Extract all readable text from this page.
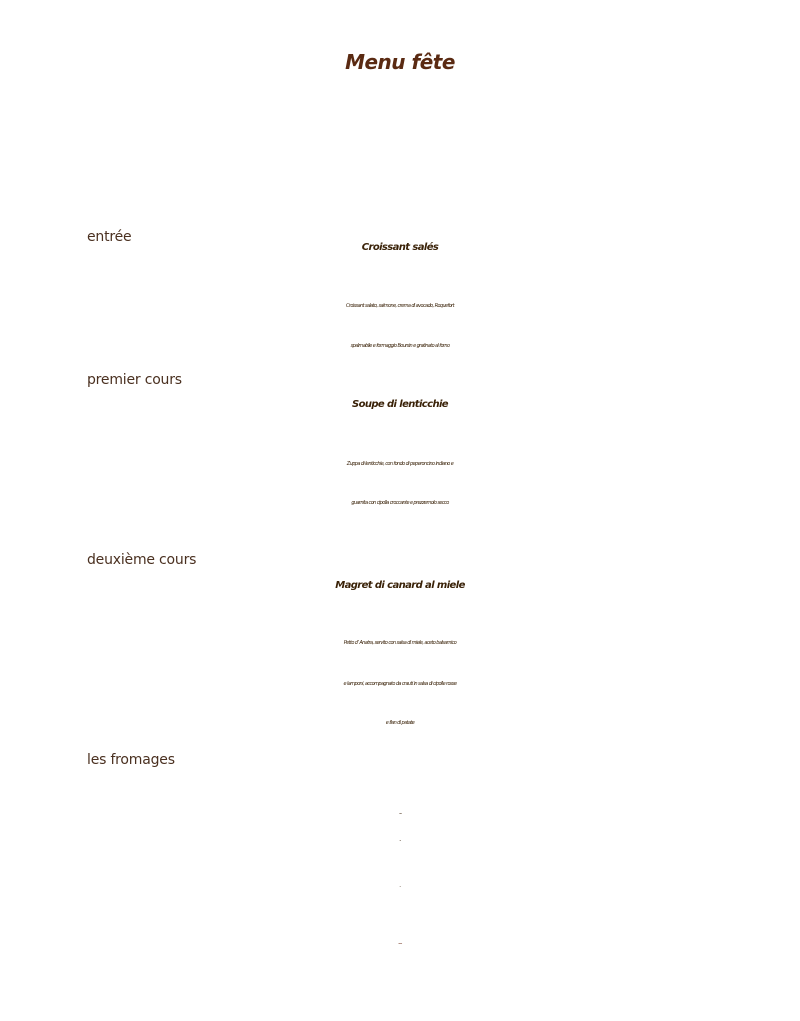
Menu fête
entrée
Croissant salés
Croissant salato, salmone, crema di avocado, Roquefort
spalmabile e formaggio Boursin e gratinato al forno
premier cours
Soupe di lenticchie
Zuppa di lenticchie, con fondo di peperoncino indiano e
guarnita con cipolla croccante e prezzemolo secco
deuxième cours
Magret di canard al miele
Petto d’ Anatra, servito con salsa di miele, aceto balsamico
e lamponi, accompagnato da crauti in salsa di cipolle rosse
e flan di patate
les fromages
Creme di Camembert con insalatina verde con frutta secca e
€ 40,00
con dolci e vini alla carta esclusi a Vostra scelta
